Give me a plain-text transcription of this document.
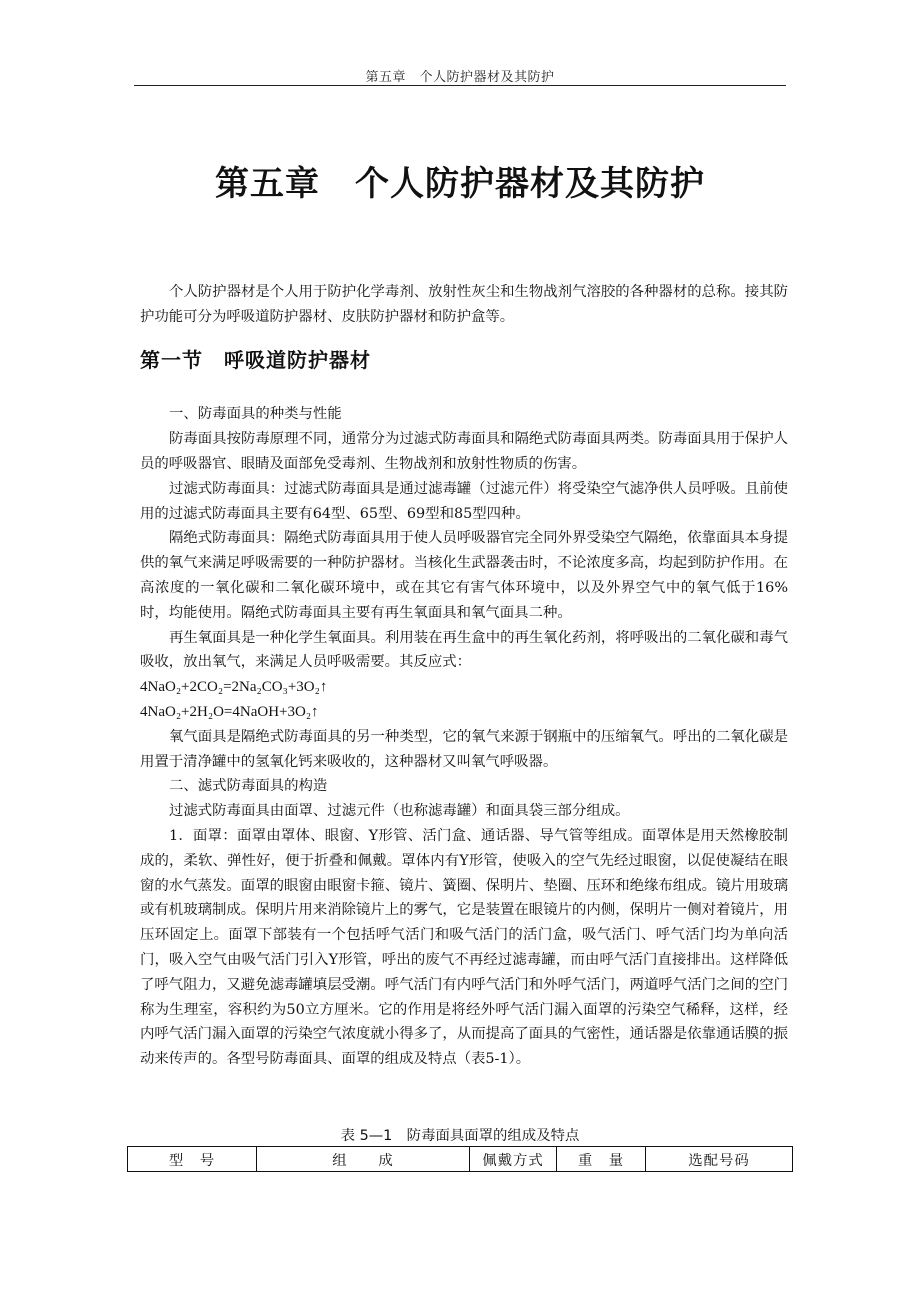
第五章　个人防护器材及其防护
第五章　个人防护器材及其防护

个人防护器材是个人用于防护化学毒剂、放射性灰尘和生物战剂气溶胶的各种器材的总称。接其防护功能可分为呼吸道防护器材、皮肤防护器材和防护盒等。

第一节　呼吸道防护器材

一、防毒面具的种类与性能

防毒面具按防毒原理不同，通常分为过滤式防毒面具和隔绝式防毒面具两类。防毒面具用于保护人员的呼吸器官、眼睛及面部免受毒剂、生物战剂和放射性物质的伤害。

过滤式防毒面具：过滤式防毒面具是通过滤毒罐（过滤元件）将受染空气滤净供人员呼吸。且前使用的过滤式防毒面具主要有64型、65型、69型和85型四种。

隔绝式防毒面具：隔绝式防毒面具用于使人员呼吸器官完全同外界受染空气隔绝，依靠面具本身提供的氧气来满足呼吸需要的一种防护器材。当核化生武器袭击时，不论浓度多高，均起到防护作用。在高浓度的一氧化碳和二氧化碳环境中，或在其它有害气体环境中，以及外界空气中的氧气低于16%时，均能使用。隔绝式防毒面具主要有再生氧面具和氧气面具二种。

再生氧面具是一种化学生氧面具。利用装在再生盒中的再生氧化药剂，将呼吸出的二氧化碳和毒气吸收，放出氧气，来满足人员呼吸需要。其反应式：

4NaO₂+2CO₂=2Na₂CO₃+3O₂↑

4NaO₂+2H₂O=4NaOH+3O₂↑

氧气面具是隔绝式防毒面具的另一种类型，它的氧气来源于钢瓶中的压缩氧气。呼出的二氧化碳是用置于清净罐中的氢氧化钙来吸收的，这种器材又叫氧气呼吸器。

二、滤式防毒面具的构造

过滤式防毒面具由面罩、过滤元件（也称滤毒罐）和面具袋三部分组成。

1．面罩：面罩由罩体、眼窗、Y形管、活门盒、通话器、导气管等组成。面罩体是用天然橡胶制成的，柔软、弹性好，便于折叠和佩戴。罩体内有Y形管，使吸入的空气先经过眼窗，以促使凝结在眼窗的水气蒸发。面罩的眼窗由眼窗卡箍、镜片、簧圈、保明片、垫圈、压环和绝缘布组成。镜片用玻璃或有机玻璃制成。保明片用来消除镜片上的雾气，它是装置在眼镜片的内侧，保明片一侧对着镜片，用压环固定上。面罩下部装有一个包括呼气活门和吸气活门的活门盒，吸气活门、呼气活门均为单向活门，吸入空气由吸气活门引入Y形管，呼出的废气不再经过滤毒罐，而由呼气活门直接排出。这样降低了呼气阻力，又避免滤毒罐填层受潮。呼气活门有内呼气活门和外呼气活门，两道呼气活门之间的空门称为生理室，容积约为50立方厘米。它的作用是将经外呼气活门漏入面罩的污染空气稀释，这样，经内呼气活门漏入面罩的污染空气浓度就小得多了，从而提高了面具的气密性，通话器是依靠通话膜的振动来传声的。各型号防毒面具、面罩的组成及特点（表5-1）。

表 5—1　防毒面具面罩的组成及特点
型　号	组　　成	佩戴方式	重　量	选配号码
